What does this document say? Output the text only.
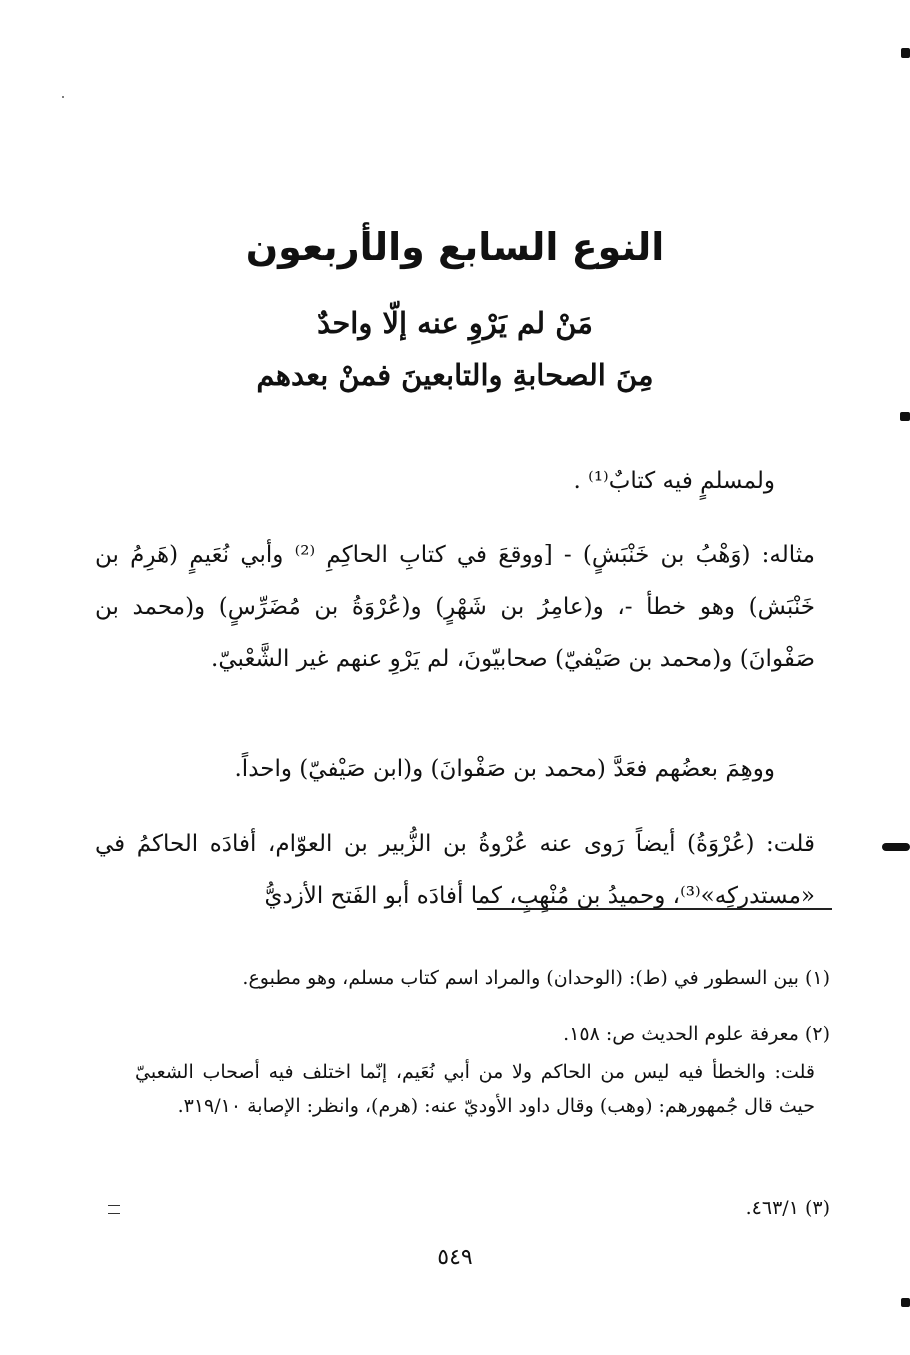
النوع السابع والأربعون
مَنْ لم يَرْوِ عنه إلّا واحدٌ
مِنَ الصحابةِ والتابعينَ فمنْ بعدهم

ولمسلمٍ فيه كتابٌ⁽¹⁾ .

مثاله: (وَهْبُ بن خَنْبَشٍ) - [ووقعَ في كتابِ الحاكِمِ ⁽²⁾ وأبي نُعَيمٍ (هَرِمُ بن خَنْبَش) وهو خطأ -، و(عامِرُ بن شَهْرٍ) و(عُرْوَةُ بن مُضَرِّسٍ) و(محمد بن صَفْوانَ) و(محمد بن صَيْفيّ) صحابيّونَ، لم يَرْوِ عنهم غير الشَّعْبيّ.

ووهِمَ بعضُهم فعَدَّ (محمد بن صَفْوانَ) و(ابن صَيْفيّ) واحداً.

قلت: (عُرْوَةُ) أيضاً رَوى عنه عُرْوةُ بن الزُّبير بن العوّام، أفادَه الحاكمُ في «مستدركِه»⁽³⁾، وحميدُ بن مُنْهِبٍ، كما أفادَه أبو الفَتح الأزديُّ

(١) بين السطور في (ط): (الوحدان) والمراد اسم كتاب مسلم، وهو مطبوع.

(٢) معرفة علوم الحديث ص: ١٥٨.

قلت: والخطأ فيه ليس من الحاكم ولا من أبي نُعَيم، إنّما اختلف فيه أصحاب الشعبيّ حيث قال جُمهورهم: (وهب) وقال داود الأوديّ عنه: (هرم)، وانظر: الإصابة ٣١٩/١٠.

(٣) ٤٦٣/١.

٥٤٩
